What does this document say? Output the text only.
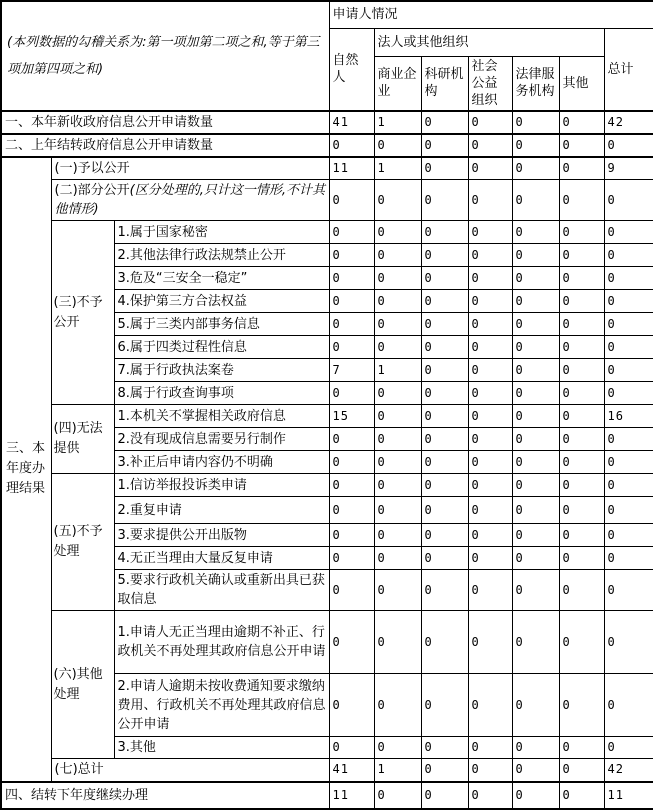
(本列数据的勾稽关系为:第一项加第二项之和,等于第三项加第四项之和)			申请人情况						
			自然人	法人或其他组织					总计
				商业企业	科研机构	社会公益组织	法律服务机构	其他	
一、本年新收政府信息公开申请数量			41	1	0	0	0	0	42
二、上年结转政府信息公开申请数量			0	0	0	0	0	0	0
三、本年度办理结果	(一)予以公开		11	1	0	0	0	0	9
	(二)部分公开(区分处理的,只计这一情形,不计其他情形)		0	0	0	0	0	0	0
	(三)不予公开	1.属于国家秘密	0	0	0	0	0	0	0
		2.其他法律行政法规禁止公开	0	0	0	0	0	0	0
		3.危及“三安全一稳定”	0	0	0	0	0	0	0
		4.保护第三方合法权益	0	0	0	0	0	0	0
		5.属于三类内部事务信息	0	0	0	0	0	0	0
		6.属于四类过程性信息	0	0	0	0	0	0	0
		7.属于行政执法案卷	7	1	0	0	0	0	0
		8.属于行政查询事项	0	0	0	0	0	0	0
	(四)无法提供	1.本机关不掌握相关政府信息	15	0	0	0	0	0	16
		2.没有现成信息需要另行制作	0	0	0	0	0	0	0
		3.补正后申请内容仍不明确	0	0	0	0	0	0	0
	(五)不予处理	1.信访举报投诉类申请	0	0	0	0	0	0	0
		2.重复申请	0	0	0	0	0	0	0
		3.要求提供公开出版物	0	0	0	0	0	0	0
		4.无正当理由大量反复申请	0	0	0	0	0	0	0
		5.要求行政机关确认或重新出具已获取信息	0	0	0	0	0	0	0
	(六)其他处理	1.申请人无正当理由逾期不补正、行政机关不再处理其政府信息公开申请	0	0	0	0	0	0	0
		2.申请人逾期未按收费通知要求缴纳费用、行政机关不再处理其政府信息公开申请	0	0	0	0	0	0	0
		3.其他	0	0	0	0	0	0	0
	(七)总计		41	1	0	0	0	0	42
四、结转下年度继续办理			11	0	0	0	0	0	11
